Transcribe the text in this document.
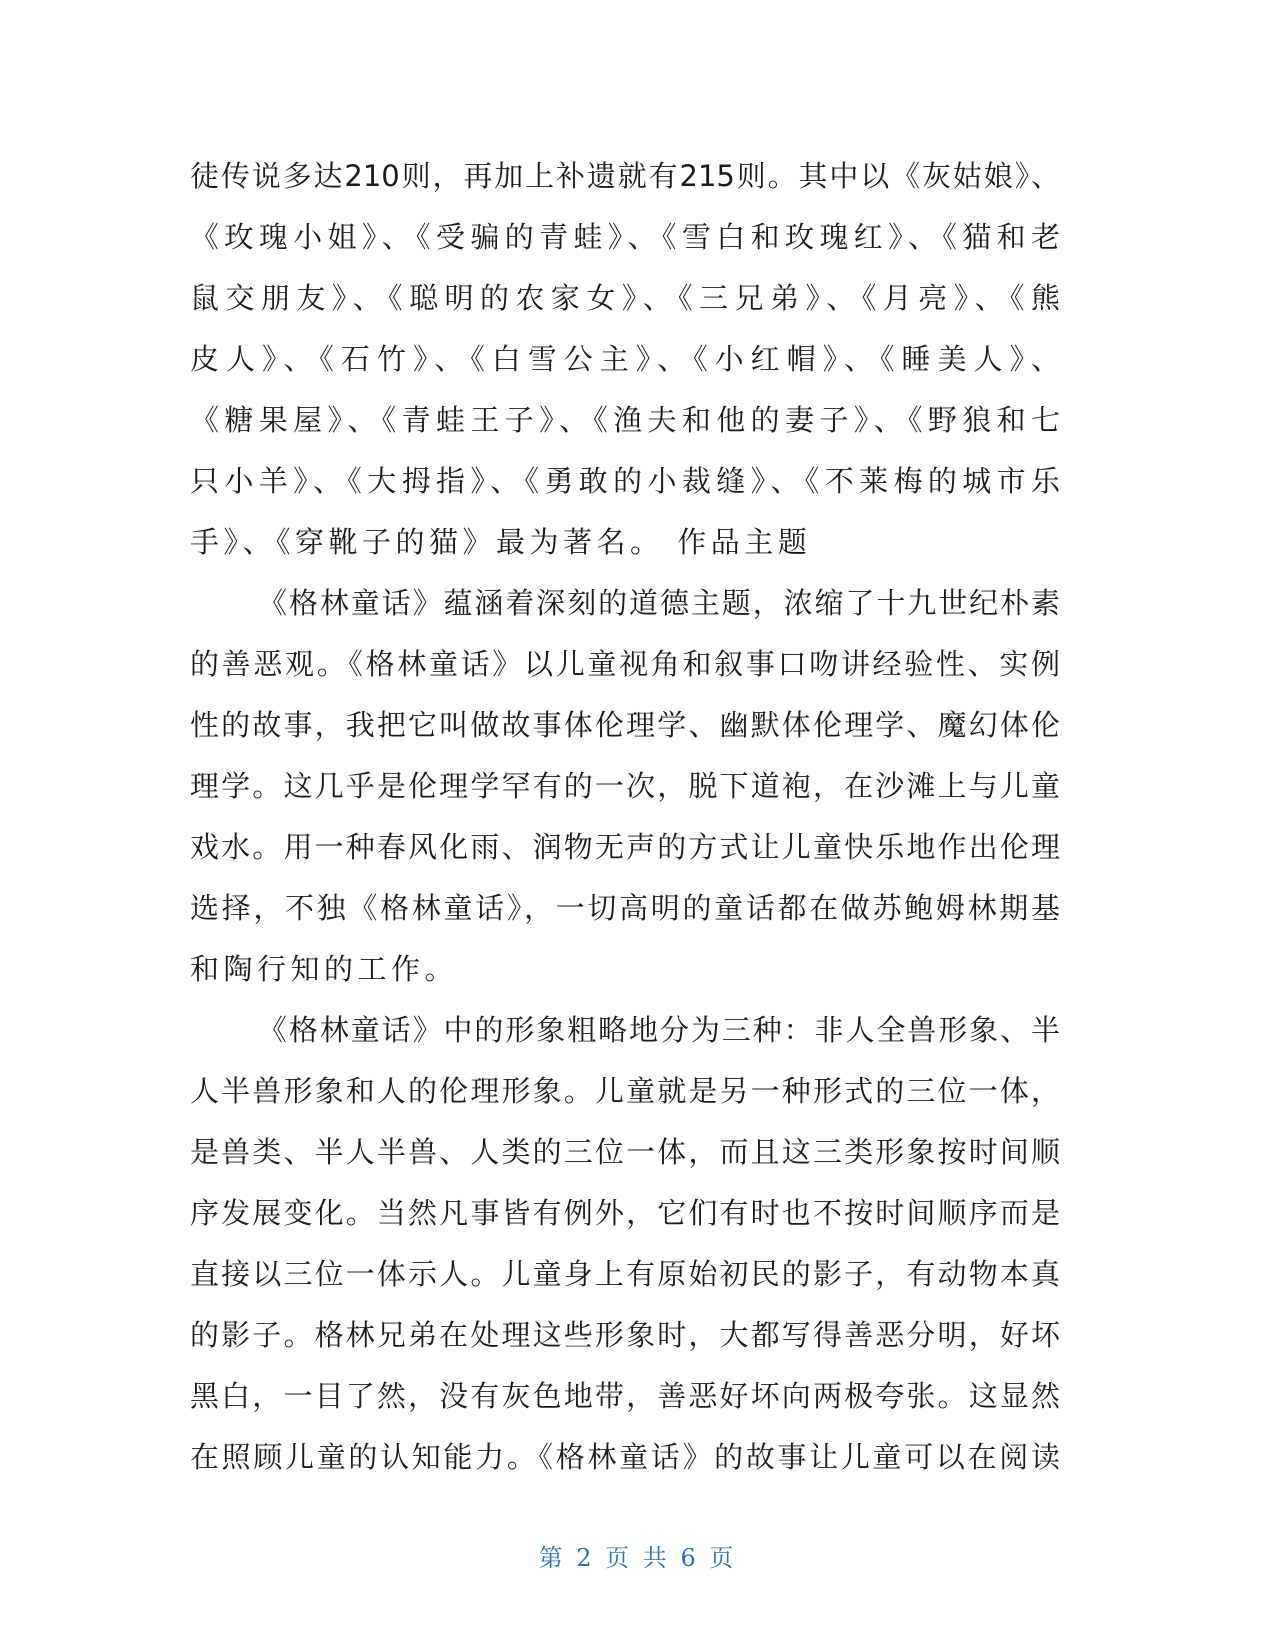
徒传说多达210则，再加上补遗就有215则。其中以《灰姑娘》、
《玫瑰小姐》、《受骗的青蛙》、《雪白和玫瑰红》、《猫和老
鼠交朋友》、《聪明的农家女》、《三兄弟》、《月亮》、《熊
皮人》、《石竹》、《白雪公主》、《小红帽》、《睡美人》、
《糖果屋》、《青蛙王子》、《渔夫和他的妻子》、《野狼和七
只小羊》、《大拇指》、《勇敢的小裁缝》、《不莱梅的城市乐
手》、《穿靴子的猫》最为著名。 作品主题
《格林童话》蕴涵着深刻的道德主题，浓缩了十九世纪朴素
的善恶观。《格林童话》以儿童视角和叙事口吻讲经验性、实例
性的故事，我把它叫做故事体伦理学、幽默体伦理学、魔幻体伦
理学。这几乎是伦理学罕有的一次，脱下道袍，在沙滩上与儿童
戏水。用一种春风化雨、润物无声的方式让儿童快乐地作出伦理
选择，不独《格林童话》，一切高明的童话都在做苏鲍姆林期基
和陶行知的工作。
《格林童话》中的形象粗略地分为三种：非人全兽形象、半
人半兽形象和人的伦理形象。儿童就是另一种形式的三位一体，
是兽类、半人半兽、人类的三位一体，而且这三类形象按时间顺
序发展变化。当然凡事皆有例外，它们有时也不按时间顺序而是
直接以三位一体示人。儿童身上有原始初民的影子，有动物本真
的影子。格林兄弟在处理这些形象时，大都写得善恶分明，好坏
黑白，一目了然，没有灰色地带，善恶好坏向两极夸张。这显然
在照顾儿童的认知能力。《格林童话》的故事让儿童可以在阅读
第 2 页 共 6 页
